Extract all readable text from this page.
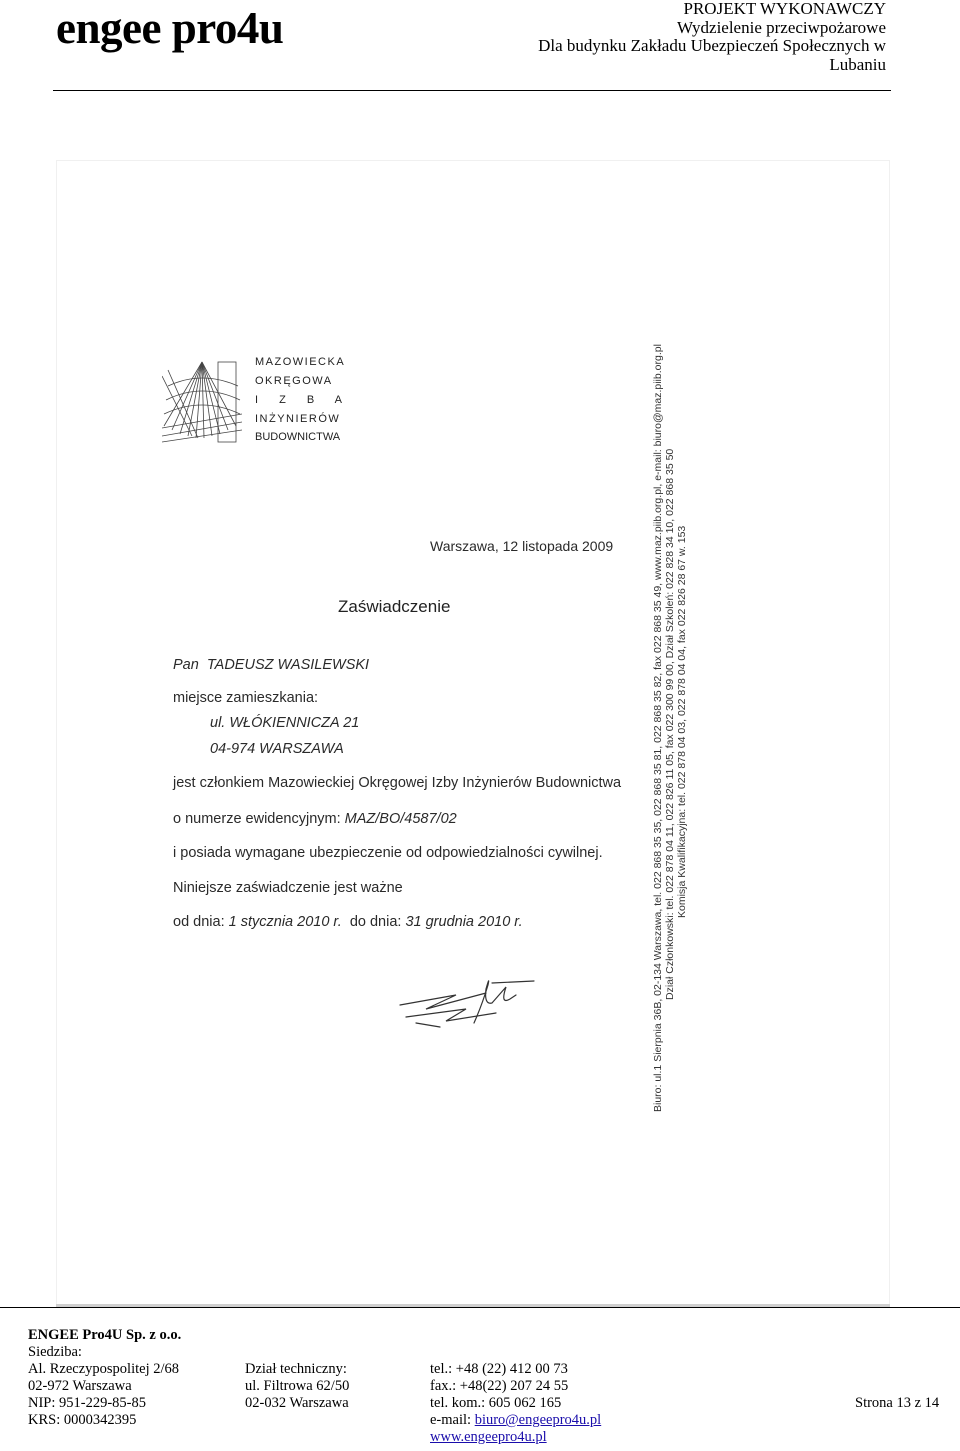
engee pro4u	PROJEKT WYKONAWCZY
Wydzielenie przeciwpożarowe
Dla budynku Zakładu Ubezpieczeń Społecznych w
Lubaniu
MAZOWIECKA
OKRĘGOWA
I Z B A
INŻYNIERÓW
BUDOWNICTWA
Warszawa, 12 listopada 2009
Zaświadczenie
Pan TADEUSZ WASILEWSKI
miejsce zamieszkania:
ul. WŁÓKIENNICZA 21
04-974 WARSZAWA
jest członkiem Mazowieckiej Okręgowej Izby Inżynierów Budownictwa
o numerze ewidencyjnym: MAZ/BO/4587/02
i posiada wymagane ubezpieczenie od odpowiedzialności cywilnej.
Niniejsze zaświadczenie jest ważne
od dnia: 1 stycznia 2010 r. do dnia: 31 grudnia 2010 r.	Biuro: ul.1 Sierpnia 36B, 02-134 Warszawa, tel. 022 868 35 35, 022 868 35 81, 022 868 35 82, fax 022 868 35 49, www.maz.piib.org.pl, e-mail: biuro@maz.piib.org.pl Dział Członkowski: tel. 022 878 04 11, 022 826 11 05, fax 022 300 99 00, Dział Szkoleń: 022 828 34 10, 022 868 35 50 Komisja Kwalifikacyjna: tel. 022 878 04 03, 022 878 04 04, fax 022 826 28 67 w. 153
ENGEE Pro4U Sp. z o.o.
Siedziba:
Al. Rzeczypospolitej 2/68
02-972 Warszawa
NIP: 951-229-85-85
KRS: 0000342395
Dział techniczny:
ul. Filtrowa 62/50
02-032 Warszawa
tel.: +48 (22) 412 00 73
fax.: +48(22) 207 24 55
tel. kom.: 605 062 165
e-mail: biuro@engeepro4u.pl
www.engeepro4u.pl
Strona 13 z 14
